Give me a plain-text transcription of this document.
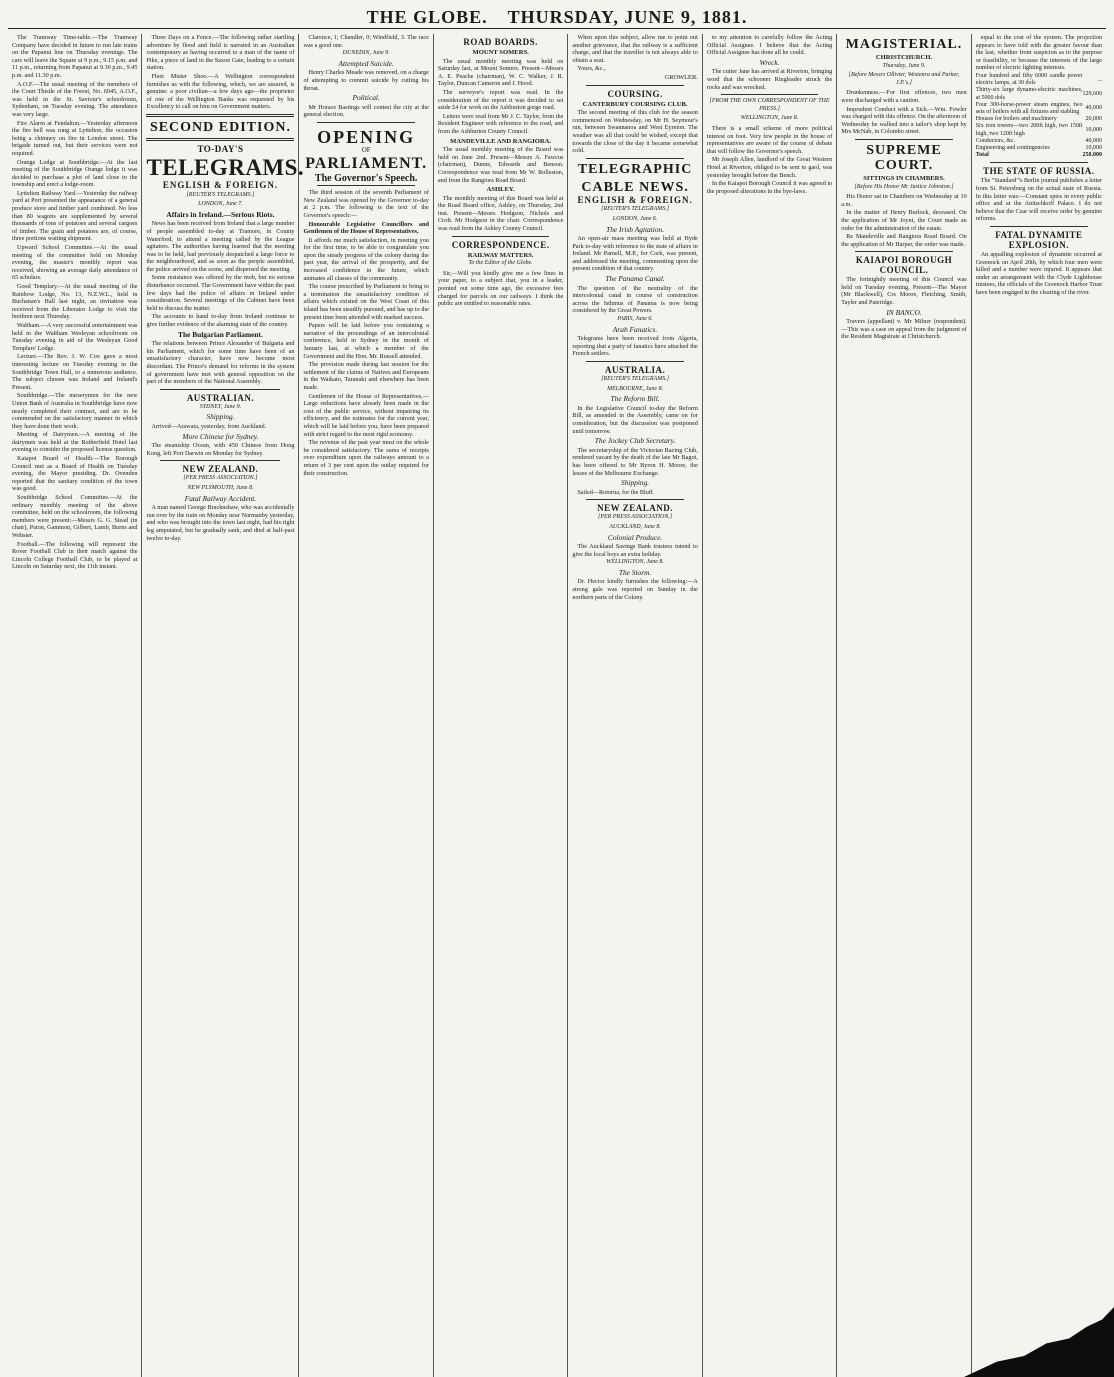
THE GLOBE. THURSDAY, JUNE 9, 1881.

The Tramway Time-table.—The Tramway Company have decided in future to run late trains on the Papanui line on Thursday evenings. The cars will leave the Square at 9 p.m., 9.15 p.m. and 11 p.m., returning from Papanui at 9.30 p.m., 9.45 p.m. and 11.30 p.m.

A.O.F.—The usual meeting of the members of the Court Thistle of the Forest, No. 6045, A.O.F., was held in the St. Saviour's schoolroom, Sydenham, on Tuesday evening. The attendance was very large.

Fire Alarm at Fendalton.—Yesterday afternoon the fire bell was rung at Lyttelton, the occasion being a chimney on fire in London street. The brigade turned out, but their services were not required.

Orange Lodge at Southbridge.—At the last meeting of the Southbridge Orange lodge it was decided to purchase a plot of land close to the township and erect a lodge-room.

Lyttelton Railway Yard.—Yesterday the railway yard at Port presented the appearance of a general produce store and timber yard combined. No less than 80 wagons are supplemented by several thousands of tons of potatoes and several cargoes of timber. The grain and potatoes are, of course, three portions waiting shipment.

Upward School Committee.—At the usual meeting of the committee held on Monday evening, the master's monthly report was received, showing an average daily attendance of 65 scholars.

Good Templary.—At the usual meeting of the Rainbow Lodge, No. 13, N.Z.W.L., held in Buchanan's Hall last night, an invitation was received from the Liberator Lodge to visit the brethren next Thursday.

Waltham.—A very successful entertainment was held in the Waltham Wesleyan schoolroom on Tuesday evening in aid of the Wesleyan Good Templars' Lodge.

Lecture.—The Rev. J. W. Cox gave a most interesting lecture on Tuesday evening in the Southbridge Town Hall, to a numerous audience. The subject chosen was Ireland and Ireland's Present.

Southbridge.—The nurserymen for the new Union Bank of Australia in Southbridge have now nearly completed their contract, and are to be commended on the satisfactory manner in which they have done their work.

Meeting of Dairymen.—A meeting of the dairymen was held at the Rotherfield Hotel last evening to consider the proposed license question.

Kaiapoi Board of Health.—The Borough Council met as a Board of Health on Tuesday evening, the Mayor presiding. Dr. Ovenden reported that the sanitary condition of the town was good.

Southbridge School Committee.—At the ordinary monthly meeting of the above committee, held on the schoolroom, the following members were present:—Messrs G. G. Stead (in chair), Paton, Gammon, Gilbert, Lamb, Burns and Webster.

Football.—The following will represent the Rover Football Club in their match against the Lincoln College Football Club, to be played at Lincoln on Saturday next, the 11th instant.

Three Days on a Fence.—The following rather startling adventure by flood and field is narrated in an Australian contemporary as having occurred to a man of the name of Pike, a piece of land in the Saxon Gate, leading to a certain station.

Fleet Mister Shoo.—A Wellington correspondent furnishes us with the following, which, we are assured, is genuine: a poor civilian—a few days ago—the proprietor of one of the Wellington Banks was requested by his Excellency to call on him on Government matters.

SECOND EDITION.
TO-DAY'S
TELEGRAMS.
ENGLISH & FOREIGN.
[REUTER'S TELEGRAMS.]
LONDON, June 7.
Affairs in Ireland.—Serious Riots.

News has been received from Ireland that a large number of people assembled to-day at Tramore, in County Waterford, to attend a meeting called by the League agitators. The authorities having learned that the meeting was to be held, had previously despatched a large force to the neighbourhood, and as soon as the people assembled, the police arrived on the scene, and dispersed the meeting.

Some resistance was offered by the mob, but no serious disturbance occurred. The Government have within the past few days had the police of affairs in Ireland under consideration. Several meetings of the Cabinet have been held to discuss the matter.

The accounts to hand to-day from Ireland continue to give further evidence of the alarming state of the country.

The Bulgarian Parliament.

The relations between Prince Alexander of Bulgaria and his Parliament, which for some time have been of an unsatisfactory character, have now become most discordant. The Prince's demand for reforms in the system of government have met with general opposition on the part of the members of the National Assembly.

AUSTRALIAN.
SYDNEY, June 9.
Shipping.

Arrived—Arawata, yesterday, from Auckland.

More Chinese for Sydney.

The steamship Ocean, with 450 Chinese from Hong Kong, left Port Darwin on Monday for Sydney.

NEW ZEALAND.
[PER PRESS ASSOCIATION.]
NEW PLYMOUTH, June 8.
Fatal Railway Accident.

A man named George Bracknshaw, who was accidentally run over by the train on Monday near Normanby yesterday, and who was brought into the town last night, had his right leg amputated, but he gradually sank, and died at half-past twelve to-day.

Clarence, 1; Chandler, 0; Windfield, 3. The race was a good one.

DUNEDIN, June 9.
Attempted Suicide.

Henry Charles Meade was removed, on a charge of attempting to commit suicide by cutting his throat.

Political.

Mr Horace Bastings will contest the city at the general election.

OPENING
OF
PARLIAMENT.
The Governor's Speech.

The third session of the seventh Parliament of New Zealand was opened by the Governor to-day at 2 p.m. The following is the text of the Governor's speech:—

Honourable Legislative Councillors and Gentlemen of the House of Representatives,

It affords me much satisfaction, in meeting you for the first time, to be able to congratulate you upon the steady progress of the colony during the past year, the arrival of the prosperity, and the increased confidence in the future, which animates all classes of the community.

The course prescribed by Parliament to bring to a termination the unsatisfactory condition of affairs which existed on the West Coast of this island has been steadily pursued, and has up to the present time been attended with marked success.

Papers will be laid before you containing a narrative of the proceedings of an intercolonial conference, held in Sydney in the month of January last, at which a member of the Government and the Hon. Mr. Russell attended.

The provision made during last session for the settlement of the claims of Natives and Europeans in the Waikato, Taranaki and elsewhere has been made.

Gentlemen of the House of Representatives,—Large reductions have already been made in the cost of the public service, without impairing its efficiency, and the estimates for the current year, which will be laid before you, have been prepared with strict regard to the most rigid economy.

The revenue of the past year must on the whole be considered satisfactory. The sums of receipts over expenditure upon the railways amount to a return of 3 per cent upon the outlay required for their construction.

ROAD BOARDS.
MOUNT SOMERS.

The usual monthly meeting was held on Saturday last, at Mount Somers. Present—Messrs A. E. Peache (chairman), W. C. Walker, J. R. Taylor, Duncan Cameron and J. Hood.

The surveyor's report was read. In the consideration of the report it was decided to set aside £4 for work on the Ashburton gorge road.

Letters were read from Mr J. C. Taylor, from the Resident Engineer with reference to the road, and from the Ashburton County Council.

MANDEVILLE AND RANGIORA.

The usual monthly meeting of the Board was held on June 2nd. Present—Messrs A. Fawcus (chairman), Dunne, Edwards and Benson. Correspondence was read from Mr W. Rolleston, and from the Rangiora Road Board.

ASHLEY.

The monthly meeting of this Board was held at the Road Board office, Ashley, on Thursday, 2nd inst. Present—Messrs Hodgson, Nichols and Croft. Mr Hodgson in the chair. Correspondence was read from the Ashley County Council.

CORRESPONDENCE.
RAILWAY MATTERS.
To the Editor of the Globe.

Sir,—Will you kindly give me a few lines in your paper, to a subject that, you in a leader, pointed out some time ago, the excessive fees charged for parcels on our railways. I think the public are entitled to reasonable rates.

When upon this subject, allow me to point out another grievance, that the railway is a sufficient charge, and that the traveller is not always able to obtain a seat.

Yours, &c.,

GROWLER.
COURSING.
CANTERBURY COURSING CLUB.

The second meeting of this club for the season commenced on Wednesday, on Mr H. Seymour's run, between Swannanoa and West Eyreton. The weather was all that could be wished, except that towards the close of the day it became somewhat cold.

TELEGRAPHIC
CABLE NEWS.
ENGLISH & FOREIGN.
[REUTER'S TELEGRAMS.]
LONDON, June 6.
The Irish Agitation.

An open-air mass meeting was held at Hyde Park to-day with reference to the state of affairs in Ireland. Mr Parnell, M.P., for Cork, was present, and addressed the meeting, commenting upon the present condition of that country.

The Panama Canal.

The question of the neutrality of the intercolonial canal in course of construction across the Isthmus of Panama is now being considered by the Great Powers.

PARIS, June 6.
Arab Fanatics.

Telegrams have been received from Algeria, reporting that a party of fanatics have attacked the French settlers.

AUSTRALIA.
[REUTER'S TELEGRAMS.]
MELBOURNE, June 8.
The Reform Bill.

In the Legislative Council to-day the Reform Bill, as amended in the Assembly, came on for consideration, but the discussion was postponed until tomorrow.

The Jockey Club Secretary.

The secretaryship of the Victorian Racing Club, rendered vacant by the death of the late Mr Bagot, has been offered to Mr Byron H. Moore, the lessee of the Melbourne Exchange.

Shipping.

Sailed—Rotorua, for the Bluff.

NEW ZEALAND.
[PER PRESS ASSOCIATION.]
AUCKLAND, June 8.
Colonial Produce.

The Auckland Savings Bank trustees intend to give the local boys an extra holiday.

WELLINGTON, June 8.
The Storm.

Dr. Hector kindly furnishes the following:—A strong gale was reported on Sunday in the northern parts of the Colony.

to my attention to carefully follow the Acting Official Assignee. I believe that the Acting Official Assignee has done all he could.

Wreck.

The cutter Jane has arrived at Riverton, bringing word that the schooner Ringleader struck the rocks and was wrecked.

[FROM THE OWN CORRESPONDENT OF THE PRESS.]
WELLINGTON, June 8.

There is a small scheme of more political interest on foot. Very few people in the house of representatives are aware of the course of debate that will follow the Governor's speech.

Mr Joseph Allen, landlord of the Great Western Hotel at Riverton, obliged to be sent to gaol, was yesterday brought before the Bench.

In the Kaiapoi Borough Council it was agreed to the proposed alterations in the bye-laws.

MAGISTERIAL.
CHRISTCHURCH.
Thursday, June 9.
[Before Messrs Ollivier, Westenra and Parker, J.P.'s.]

Drunkenness.—For first offences, two men were discharged with a caution.

Imprudent Conduct with a Sick.—Wm. Fowler was charged with this offence. On the afternoon of Wednesday he walked into a tailor's shop kept by Mrs McNab, in Colombo street.

SUPREME COURT.
SITTINGS IN CHAMBERS.
[Before His Honor Mr Justice Johnston.]

His Honor sat in Chambers on Wednesday at 10 a.m.

In the matter of Henry Burlock, deceased. On the application of Mr Joynt, the Court made an order for the administration of the estate.

Re Mandeville and Rangiora Road Board. On the application of Mr Harper, the order was made.

KAIAPOI BOROUGH COUNCIL.

The fortnightly meeting of this Council was held on Tuesday evening. Present—The Mayor (Mr Blackwell), Crs Moore, Fletching, Smith, Tayler and Pateridge.

IN BANCO.

Travers (appellant) v. Mr Milner (respondent).—This was a case on appeal from the judgment of the Resident Magistrate at Christchurch.

equal to the cost of the system. The projection appears to have told with the greater favour than the last, whether from suspicion as to the purpose or feasibility, or because the interests of the large number of electric lighting interests.

Four hundred and fifty 6000 candle power electric lamps, at 30 dols	...
Thirty-six large dynamo-electric machines, at 5000 dols	129,600
Four 300-horse-power steam engines, two sets of boilers with all fixtures and stabling	40,000
Houses for boilers and machinery	20,000
Six iron towers—two 200ft high, two 150ft high, two 120ft high	10,000
Conductors, &c.	40,000
Engineering and contingencies	10,000
Total	250,000
THE STATE OF RUSSIA.

The "Standard"'s Berlin journal publishes a letter from St. Petersburg on the actual state of Russia. In this letter was:—Constant spies in every public office and at the Anitschkoff Palace. I do not believe that the Czar will receive order by genuine reforms.

FATAL DYNAMITE EXPLOSION.

An appalling explosion of dynamite occurred at Greenock on April 20th, by which four men were killed and a number were injured. It appears that under an arrangement with the Clyde Lighthouse trustees, the officials of the Greenock Harbor Trust have been engaged in the clearing of the river.
